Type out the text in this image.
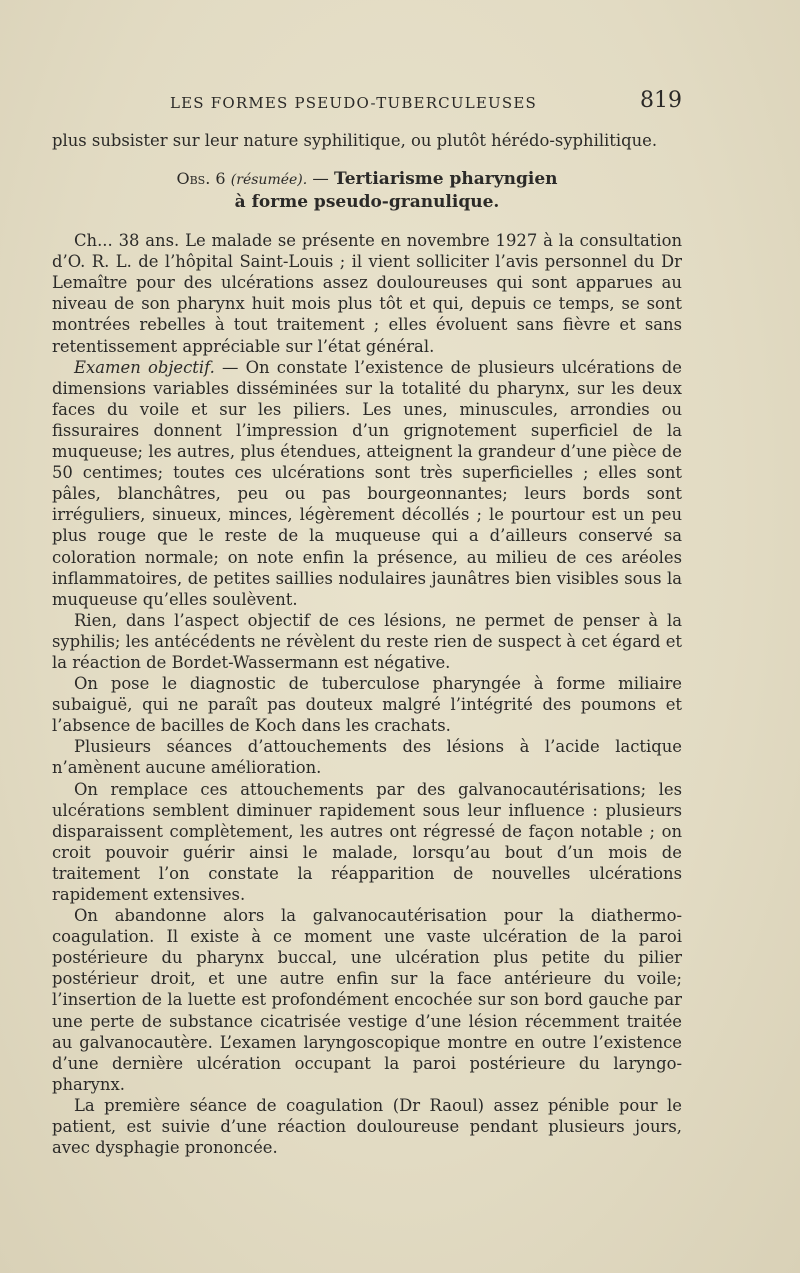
LES FORMES PSEUDO-TUBERCULEUSES	819

plus subsister sur leur nature syphilitique, ou plutôt hérédo-syphilitique.

Obs. 6 (résumée). — Tertiarisme pharyngien
à forme pseudo-granulique.

Ch... 38 ans. Le malade se présente en novembre 1927 à la consultation d’O. R. L. de l’hôpital Saint-Louis ; il vient solliciter l’avis personnel du Dr Lemaître pour des ulcérations assez douloureuses qui sont apparues au niveau de son pharynx huit mois plus tôt et qui, depuis ce temps, se sont montrées rebelles à tout traitement ; elles évoluent sans fièvre et sans retentissement appréciable sur l’état général.

Examen objectif. — On constate l’existence de plusieurs ulcérations de dimensions variables disséminées sur la totalité du pharynx, sur les deux faces du voile et sur les piliers. Les unes, minuscules, arrondies ou fissuraires donnent l’impression d’un grignotement superficiel de la muqueuse; les autres, plus étendues, atteignent la grandeur d’une pièce de 50 centimes; toutes ces ulcérations sont très superficielles ; elles sont pâles, blanchâtres, peu ou pas bourgeonnantes; leurs bords sont irréguliers, sinueux, minces, légèrement décollés ; le pourtour est un peu plus rouge que le reste de la muqueuse qui a d’ailleurs conservé sa coloration normale; on note enfin la présence, au milieu de ces aréoles inflammatoires, de petites saillies nodulaires jaunâtres bien visibles sous la muqueuse qu’elles soulèvent.

Rien, dans l’aspect objectif de ces lésions, ne permet de penser à la syphilis; les antécédents ne révèlent du reste rien de suspect à cet égard et la réaction de Bordet-Wassermann est négative.

On pose le diagnostic de tuberculose pharyngée à forme miliaire subaiguë, qui ne paraît pas douteux malgré l’intégrité des poumons et l’absence de bacilles de Koch dans les crachats.

Plusieurs séances d’attouchements des lésions à l’acide lactique n’amènent aucune amélioration.

On remplace ces attouchements par des galvanocautérisations; les ulcérations semblent diminuer rapidement sous leur influence : plusieurs disparaissent complètement, les autres ont régressé de façon notable ; on croit pouvoir guérir ainsi le malade, lorsqu’au bout d’un mois de traitement l’on constate la réapparition de nouvelles ulcérations rapidement extensives.

On abandonne alors la galvanocautérisation pour la diathermo-coagulation. Il existe à ce moment une vaste ulcération de la paroi postérieure du pharynx buccal, une ulcération plus petite du pilier postérieur droit, et une autre enfin sur la face antérieure du voile; l’insertion de la luette est profondément encochée sur son bord gauche par une perte de substance cicatrisée vestige d’une lésion récemment traitée au galvanocautère. L’examen laryngoscopique montre en outre l’existence d’une dernière ulcération occupant la paroi postérieure du laryngo-pharynx.

La première séance de coagulation (Dr Raoul) assez pénible pour le patient, est suivie d’une réaction douloureuse pendant plusieurs jours, avec dysphagie prononcée.
